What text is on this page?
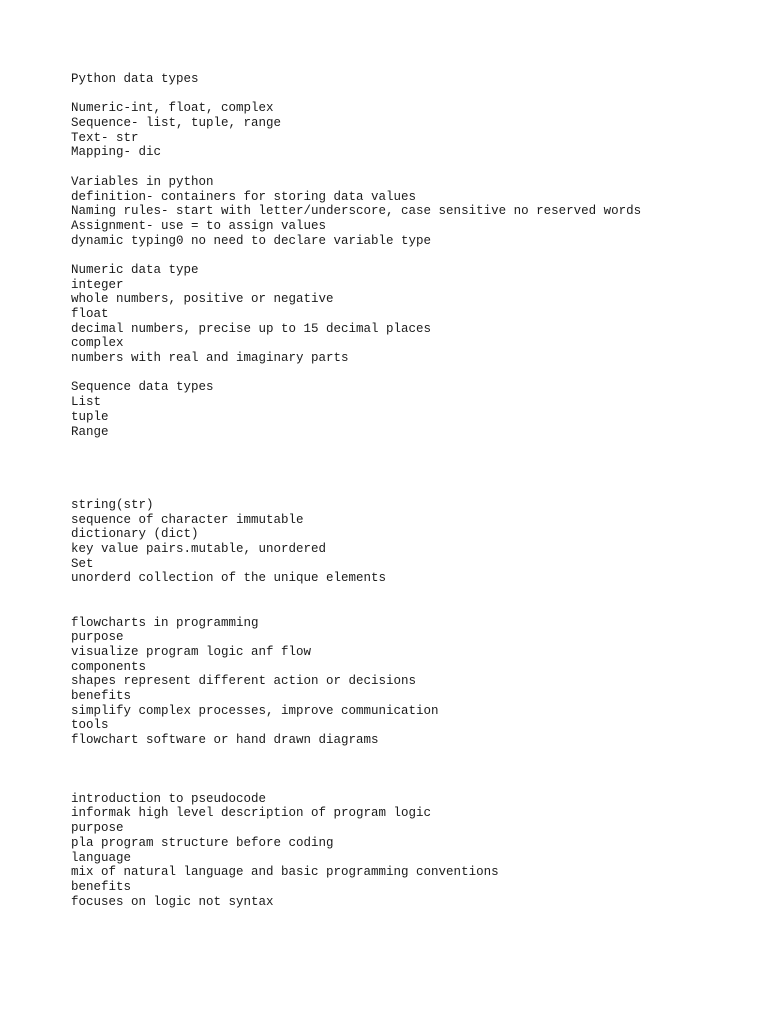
Python data types
Numeric-int, float, complex
Sequence- list, tuple, range
Text- str
Mapping- dic
Variables in python
definition- containers for storing data values
Naming rules- start with letter/underscore, case sensitive no reserved words
Assignment- use = to assign values
dynamic typing0 no need to declare variable type
Numeric data type
integer
whole numbers, positive or negative
float
decimal numbers, precise up to 15 decimal places
complex
numbers with real and imaginary parts
Sequence data types
List
tuple
Range
string(str)
sequence of character immutable
dictionary (dict)
key value pairs.mutable, unordered
Set
unorderd collection of the unique elements
flowcharts in programming
purpose
visualize program logic anf flow
components
shapes represent different action or decisions
benefits
simplify complex processes, improve communication
tools
flowchart software or hand drawn diagrams
introduction to pseudocode
informak high level description of program logic
purpose
pla program structure before coding
language
mix of natural language and basic programming conventions
benefits
focuses on logic not syntax
